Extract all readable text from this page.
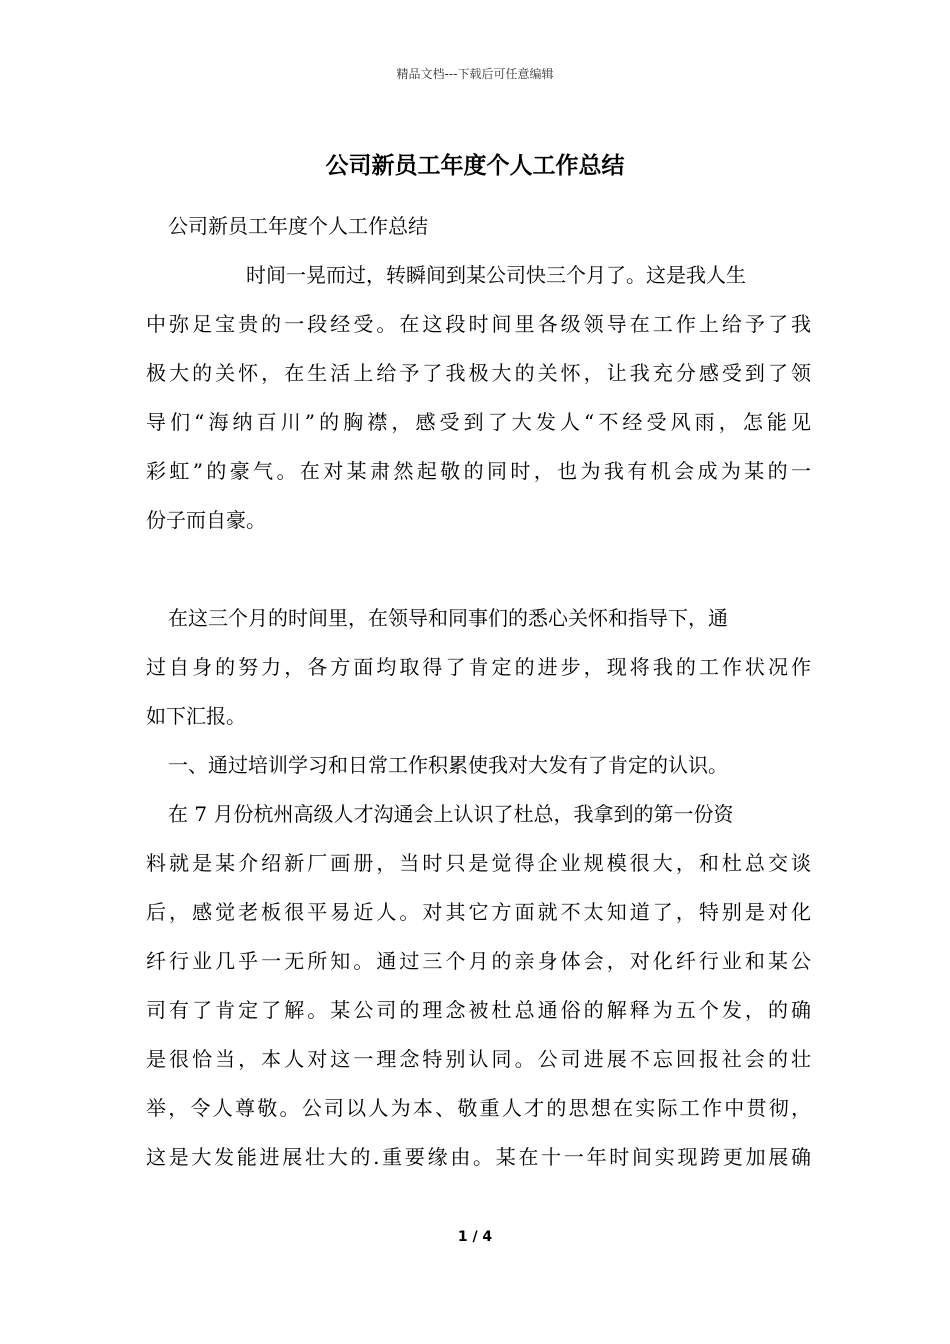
精品文档---下载后可任意编辑
公司新员工年度个人工作总结
公司新员工年度个人工作总结
时间一晃而过，转瞬间到某公司快三个月了。这是我人生
中弥足宝贵的一段经受。在这段时间里各级领导在工作上给予了我
极大的关怀，在生活上给予了我极大的关怀，让我充分感受到了领
导们“海纳百川”的胸襟，感受到了大发人“不经受风雨，怎能见
彩虹”的豪气。在对某肃然起敬的同时，也为我有机会成为某的一
份子而自豪。
在这三个月的时间里，在领导和同事们的悉心关怀和指导下，通
过自身的努力，各方面均取得了肯定的进步，现将我的工作状况作
如下汇报。
一、通过培训学习和日常工作积累使我对大发有了肯定的认识。
在 7 月份杭州高级人才沟通会上认识了杜总，我拿到的第一份资
料就是某介绍新厂画册，当时只是觉得企业规模很大，和杜总交谈
后，感觉老板很平易近人。对其它方面就不太知道了，特别是对化
纤行业几乎一无所知。通过三个月的亲身体会，对化纤行业和某公
司有了肯定了解。某公司的理念被杜总通俗的解释为五个发，的确
是很恰当，本人对这一理念特别认同。公司进展不忘回报社会的壮
举，令人尊敬。公司以人为本、敬重人才的思想在实际工作中贯彻，
这是大发能进展壮大的.重要缘由。某在十一年时间实现跨更加展确
1 / 4
